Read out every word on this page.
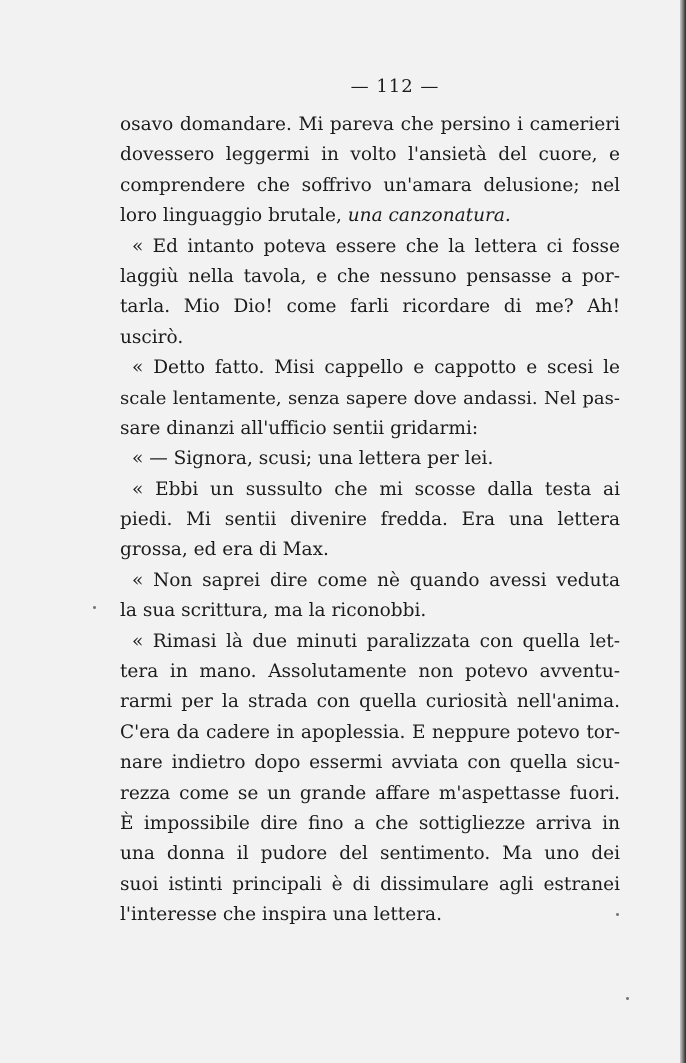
— 112 —
osavo domandare. Mi pareva che persino i camerieri
dovessero leggermi in volto l'ansietà del cuore, e
comprendere che soffrivo un'amara delusione; nel
loro linguaggio brutale, una canzonatura.
« Ed intanto poteva essere che la lettera ci fosse
laggiù nella tavola, e che nessuno pensasse a por-
tarla. Mio Dio! come farli ricordare di me? Ah!
uscirò.
« Detto fatto. Misi cappello e cappotto e scesi le
scale lentamente, senza sapere dove andassi. Nel pas-
sare dinanzi all'ufficio sentii gridarmi:
« — Signora, scusi; una lettera per lei.
« Ebbi un sussulto che mi scosse dalla testa ai
piedi. Mi sentii divenire fredda. Era una lettera
grossa, ed era di Max.
« Non saprei dire come nè quando avessi veduta
la sua scrittura, ma la riconobbi.
« Rimasi là due minuti paralizzata con quella let-
tera in mano. Assolutamente non potevo avventu-
rarmi per la strada con quella curiosità nell'anima.
C'era da cadere in apoplessia. E neppure potevo tor-
nare indietro dopo essermi avviata con quella sicu-
rezza come se un grande affare m'aspettasse fuori.
È impossibile dire fino a che sottigliezze arriva in
una donna il pudore del sentimento. Ma uno dei
suoi istinti principali è di dissimulare agli estranei
l'interesse che inspira una lettera.
